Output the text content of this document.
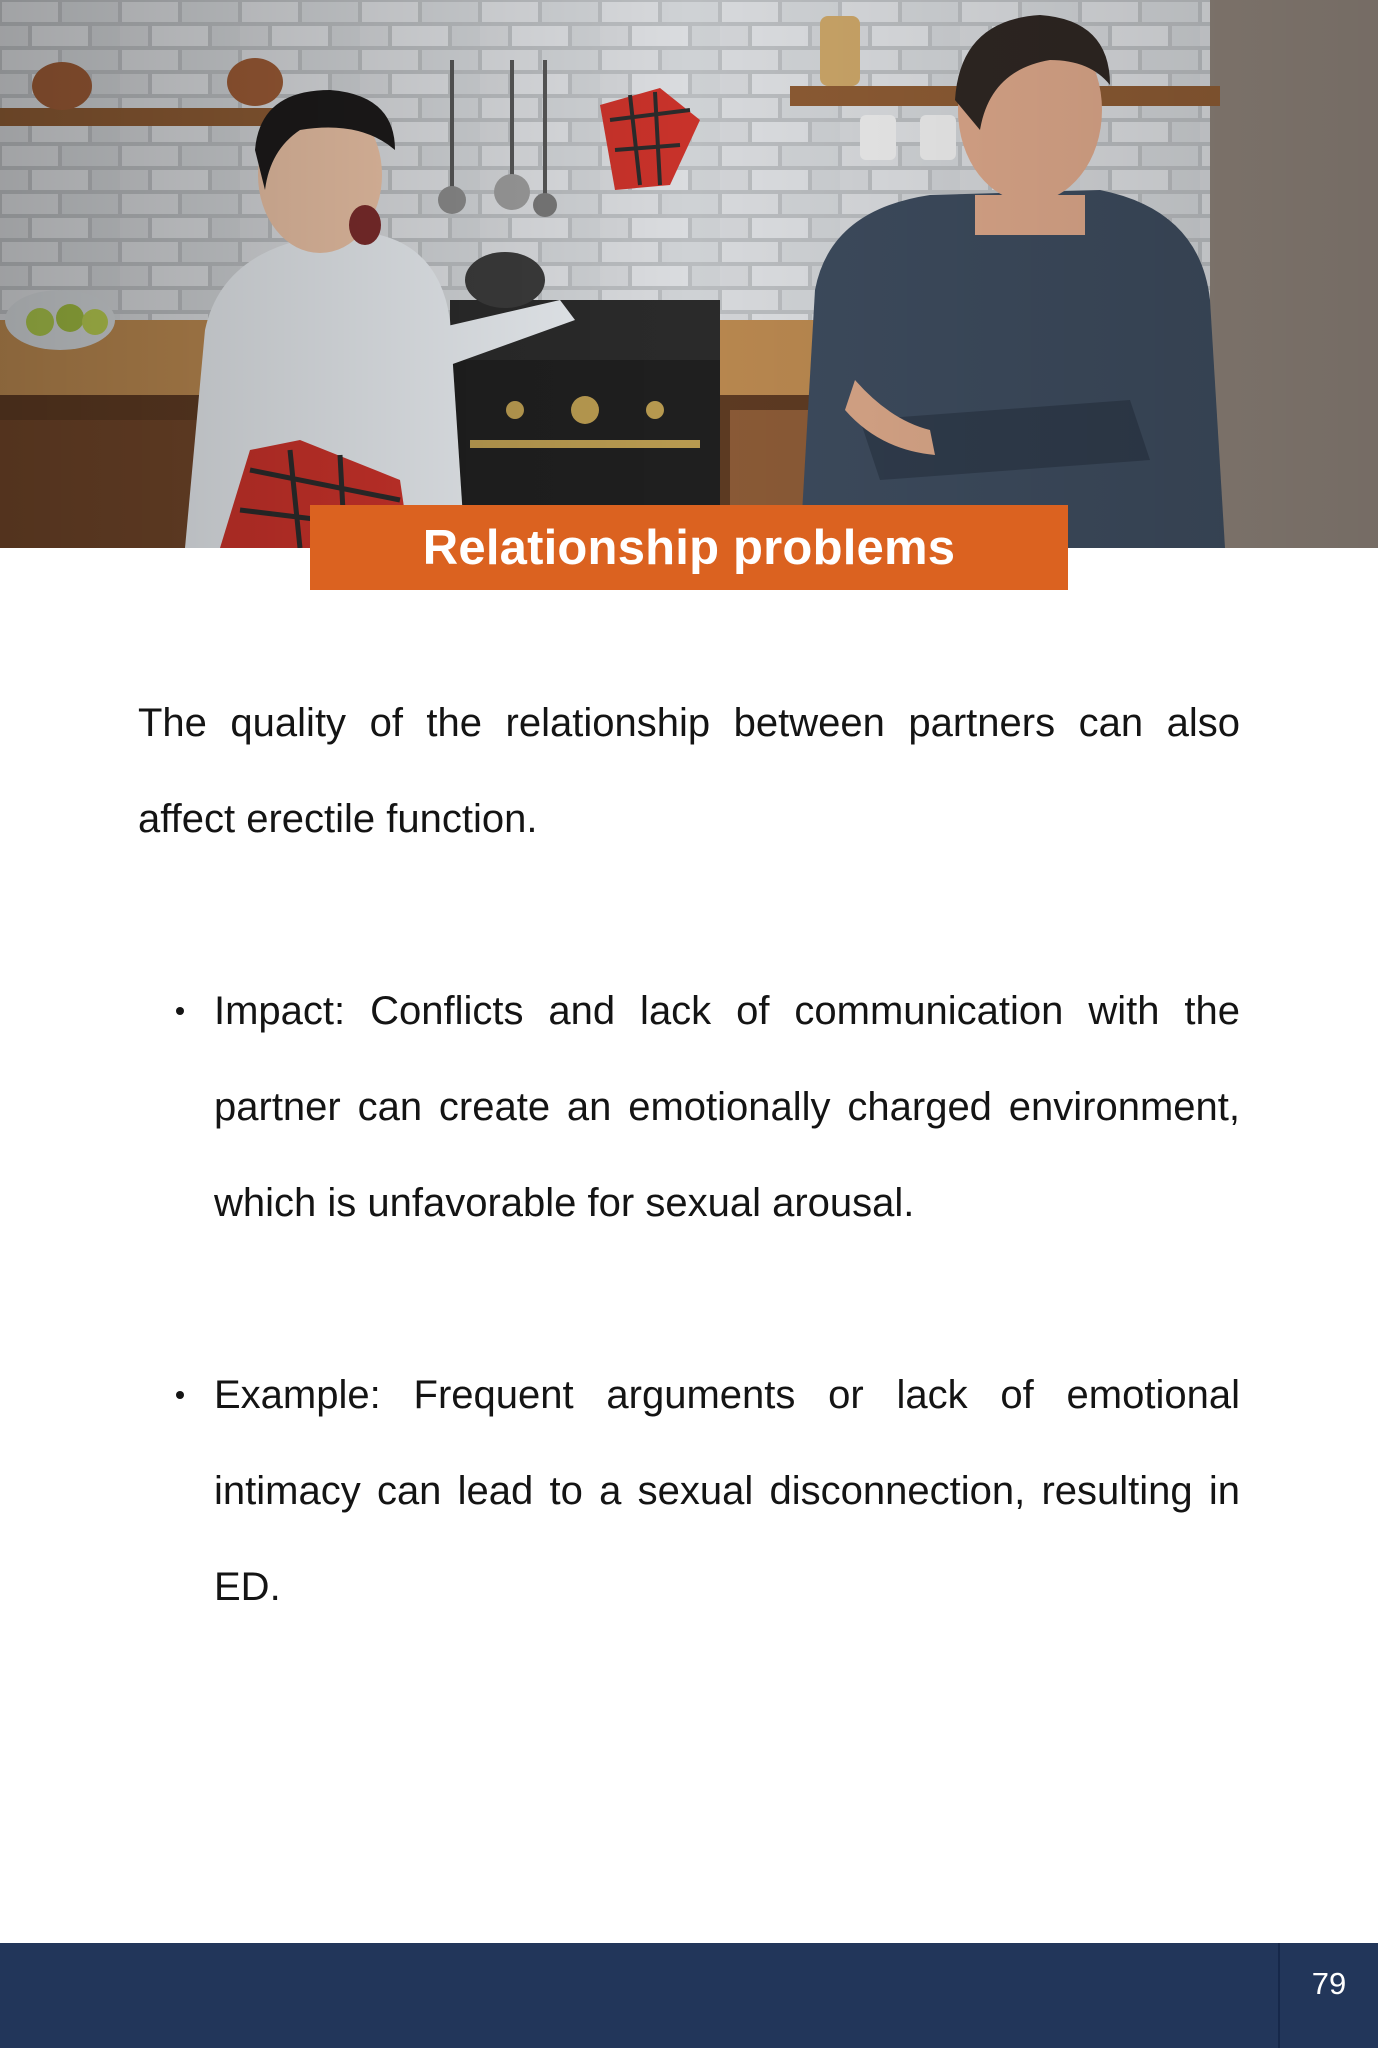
Relationship problems

The quality of the relationship between partners can also affect erectile function.

Impact: Conflicts and lack of communication with the partner can create an emotionally charged environment, which is unfavorable for sexual arousal.
Example: Frequent arguments or lack of emotional intimacy can lead to a sexual disconnection, resulting in ED.
79
